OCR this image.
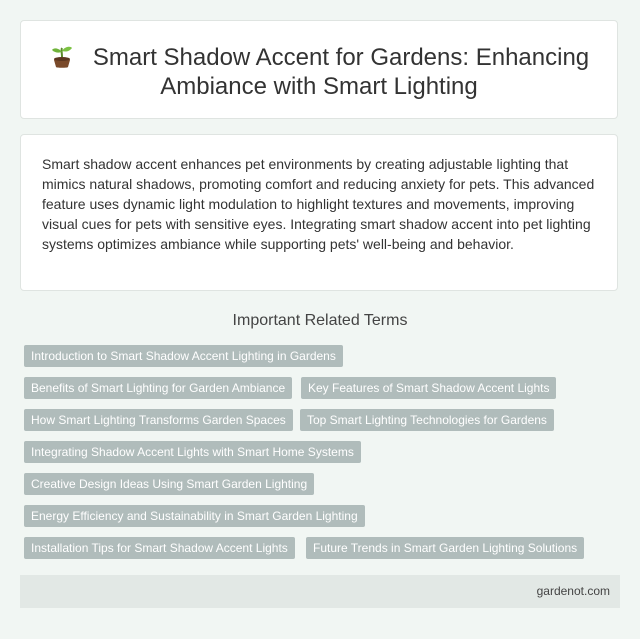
Smart Shadow Accent for Gardens: Enhancing Ambiance with Smart Lighting

Smart shadow accent enhances pet environments by creating adjustable lighting that mimics natural shadows, promoting comfort and reducing anxiety for pets. This advanced feature uses dynamic light modulation to highlight textures and movements, improving visual cues for pets with sensitive eyes. Integrating smart shadow accent into pet lighting systems optimizes ambiance while supporting pets' well-being and behavior.

Important Related Terms
Introduction to Smart Shadow Accent Lighting in Gardens
Benefits of Smart Lighting for Garden Ambiance	Key Features of Smart Shadow Accent Lights
How Smart Lighting Transforms Garden Spaces	Top Smart Lighting Technologies for Gardens
Integrating Shadow Accent Lights with Smart Home Systems
Creative Design Ideas Using Smart Garden Lighting
Energy Efficiency and Sustainability in Smart Garden Lighting
Installation Tips for Smart Shadow Accent Lights	Future Trends in Smart Garden Lighting Solutions
gardenot.com
